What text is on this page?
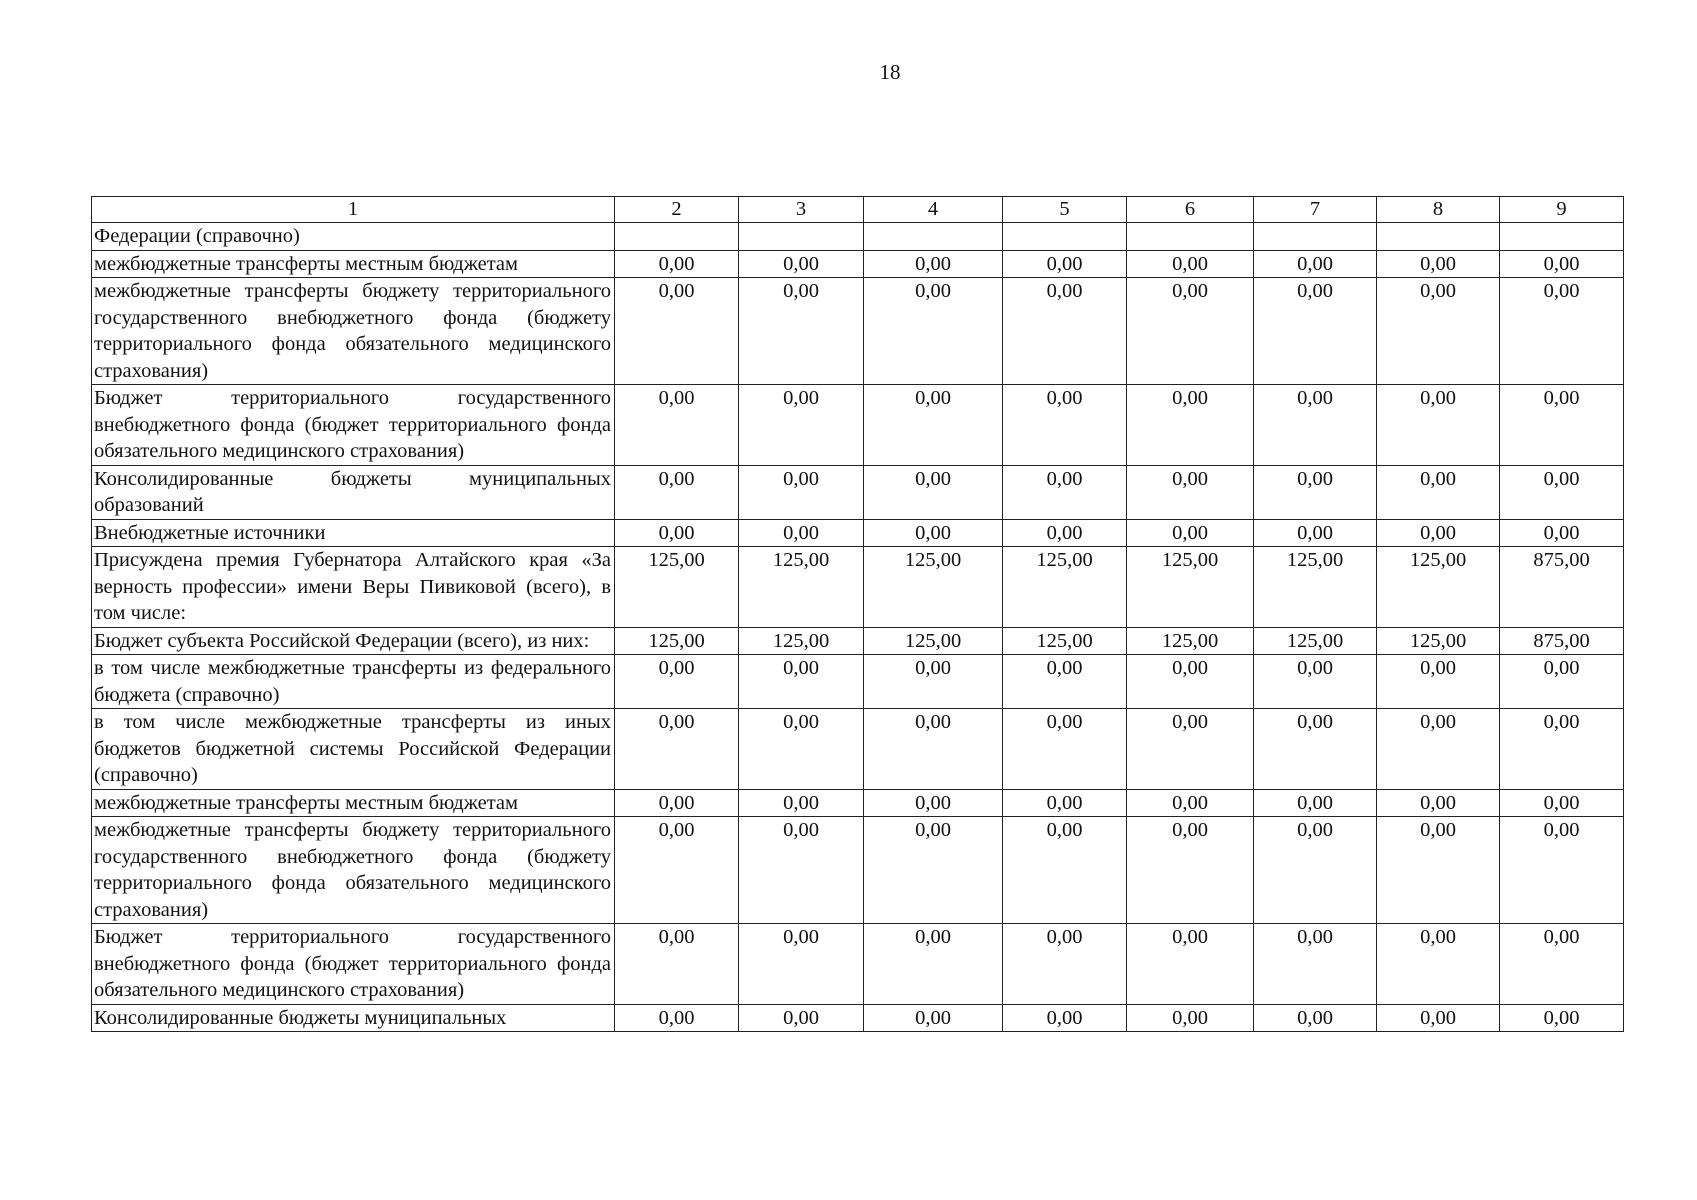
18
1	2	3	4	5	6	7	8	9
Федерации (справочно)								
межбюджетные трансферты местным бюджетам	0,00	0,00	0,00	0,00	0,00	0,00	0,00	0,00
межбюджетные трансферты бюджету территориального государственного внебюджетного фонда (бюджету территориального фонда обязательного медицинского страхования)	0,00	0,00	0,00	0,00	0,00	0,00	0,00	0,00
Бюджет территориального государственного внебюджетного фонда (бюджет территориального фонда обязательного медицинского страхования)	0,00	0,00	0,00	0,00	0,00	0,00	0,00	0,00
Консолидированные бюджеты муниципальных образований	0,00	0,00	0,00	0,00	0,00	0,00	0,00	0,00
Внебюджетные источники	0,00	0,00	0,00	0,00	0,00	0,00	0,00	0,00
Присуждена премия Губернатора Алтайского края «За верность профессии» имени Веры Пивиковой (всего), в том числе:	125,00	125,00	125,00	125,00	125,00	125,00	125,00	875,00
Бюджет субъекта Российской Федерации (всего), из них:	125,00	125,00	125,00	125,00	125,00	125,00	125,00	875,00
в том числе межбюджетные трансферты из федерального бюджета (справочно)	0,00	0,00	0,00	0,00	0,00	0,00	0,00	0,00
в том числе межбюджетные трансферты из иных бюджетов бюджетной системы Российской Федерации (справочно)	0,00	0,00	0,00	0,00	0,00	0,00	0,00	0,00
межбюджетные трансферты местным бюджетам	0,00	0,00	0,00	0,00	0,00	0,00	0,00	0,00
межбюджетные трансферты бюджету территориального государственного внебюджетного фонда (бюджету территориального фонда обязательного медицинского страхования)	0,00	0,00	0,00	0,00	0,00	0,00	0,00	0,00
Бюджет территориального государственного внебюджетного фонда (бюджет территориального фонда обязательного медицинского страхования)	0,00	0,00	0,00	0,00	0,00	0,00	0,00	0,00
Консолидированные бюджеты муниципальных	0,00	0,00	0,00	0,00	0,00	0,00	0,00	0,00
